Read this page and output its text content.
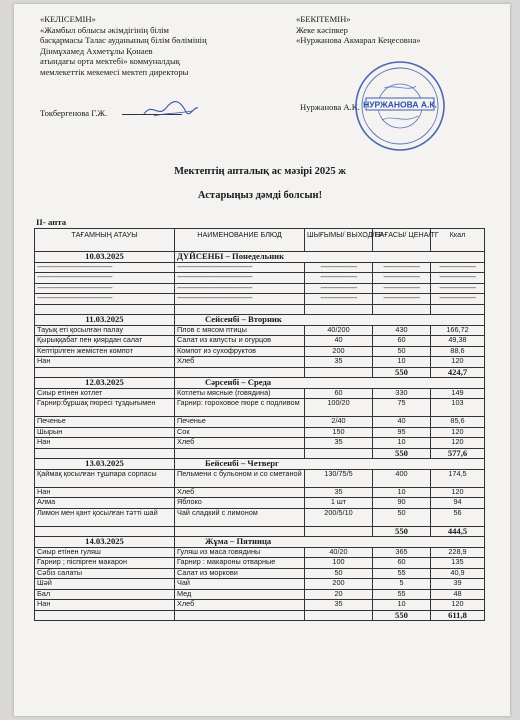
«КЕЛІСЕМІН»
«Жамбыл облысы әкімдігінің білім
басқармасы Талас ауданының білім бөлімінің
Дінмұхамед Ахметұлы Қонаев
атындағы орта мектебі» коммуналдық
мемлекеттік мекемесі мектеп директоры
Токбергенова Г.Ж.
«БЕКІТЕМІН»
Жеке кәсіпкер
«Нуржанова Акмарал Кеңесовна»
Нуржанова А.К. НУРЖАНОВА А.К.
Мектептің апталық ас мәзірі 2025 ж
Астарыңыз дәмді болсын!
II- апта
ТАҒАМНЫҢ АТАУЫ	НАИМЕНОВАНИЕ БЛЮД	ШЫҒЫМЫ/ ВЫХОД/ГР	БАҒАСЫ/ ЦЕНА/ТГ	Ккал
10.03.2025	ДҮЙСЕНБІ – Понедельник			
-----------------------------------------	-----------------------------------------	--------------------	--------------------	--------------------
-----------------------------------------	-----------------------------------------	--------------------	--------------------	--------------------
-----------------------------------------	-----------------------------------------	--------------------	--------------------	--------------------
-----------------------------------------	-----------------------------------------	--------------------	--------------------	--------------------

11.03.2025	Сейсенбі – Вторник			
Тауық еті қосылған палау	Плов с мясом птицы	40/200	430	166,72
Қырыққабат пен қиярдан салат	Салат из капусты и огурцов	40	60	49,38
Кептірілген жемістен компот	Компот из сухофруктов	200	50	88,6
Нан	Хлеб	35	10	120
			550	424,7
12.03.2025	Сәрсенбі – Среда			
Сиыр етінен котлет	Котлеты мясные (говядина)	60	330	149
Гарнир:бұршақ пюресі тұздығымен	Гарнир: гороховое пюре с подливом	100/20	75	103
Печенье	Печенье	2/40	40	85,6
Шырын	Сок	150	95	120
Нан	Хлеб	35	10	120
			550	577,6
13.03.2025	Бейсенбі – Четверг			
Қаймақ қосылған тұшпара сорпасы	Пельмени с бульоном и со сметаной	130/75/5	400	174,5
Нан	Хлеб	35	10	120
Алма	Яблоко	1 шт	90	94
Лимон мен қант қосылған тәтті шай	Чай сладкий с лимоном	200/5/10	50	56
			550	444,5
14.03.2025	Жұма – Пятница			
Сиыр етінен гуляш	Гуляш из маса говядины	40/20	365	228,9
Гарнир ; піспірген макарон	Гарнир : макароны отварные	100	60	135
Сәбіз салаты	Салат из моркови	50	55	40,9
Шәй	Чай	200	5	39
Бал	Мед	20	55	48
Нан	Хлеб	35	10	120
			550	611,8
